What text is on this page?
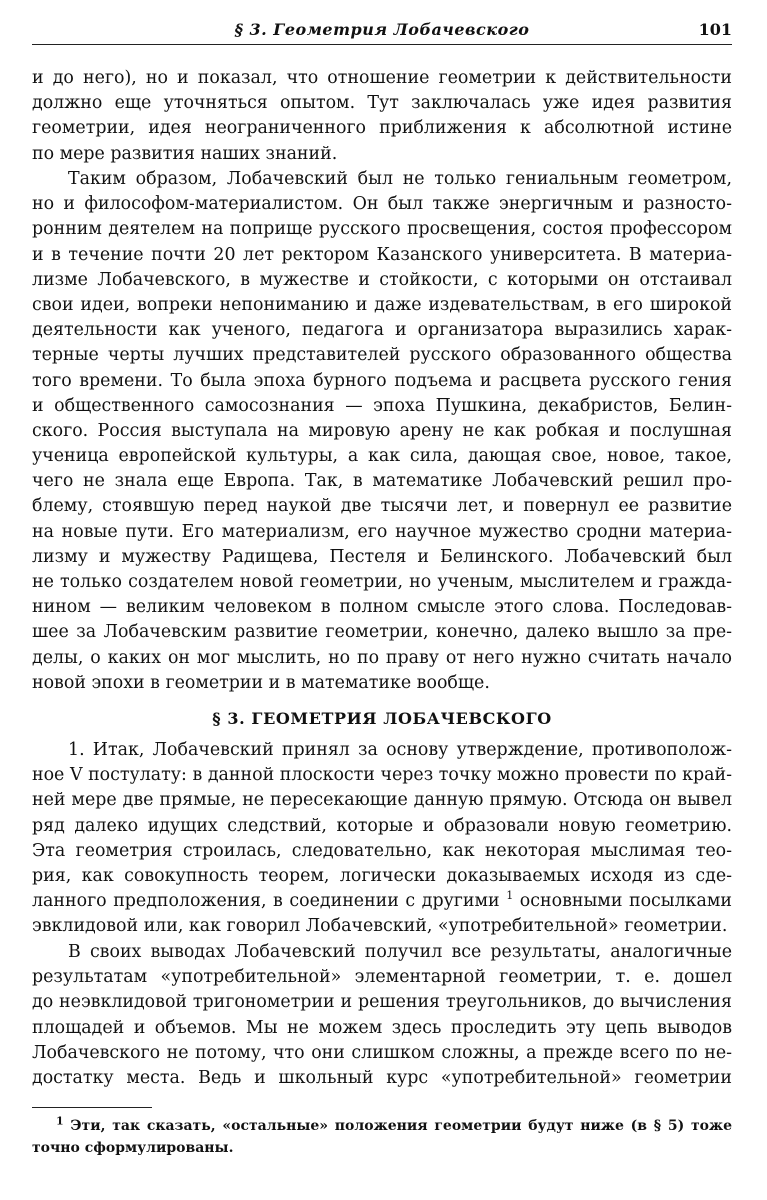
§ 3. Геометрия Лобачевского	101
и до него), но и показал, что отношение геометрии к действительности
должно еще уточняться опытом. Тут заключалась уже идея развития
геометрии, идея неограниченного приближения к абсолютной истине
по мере развития наших знаний.
Таким образом, Лобачевский был не только гениальным геометром,
но и философом-материалистом. Он был также энергичным и разносто-
ронним деятелем на поприще русского просвещения, состоя профессором
и в течение почти 20 лет ректором Казанского университета. В материа-
лизме Лобачевского, в мужестве и стойкости, с которыми он отстаивал
свои идеи, вопреки непониманию и даже издевательствам, в его широкой
деятельности как ученого, педагога и организатора выразились харак-
терные черты лучших представителей русского образованного общества
того времени. То была эпоха бурного подъема и расцвета русского гения
и общественного самосознания — эпоха Пушкина, декабристов, Белин-
ского. Россия выступала на мировую арену не как робкая и послушная
ученица европейской культуры, а как сила, дающая свое, новое, такое,
чего не знала еще Европа. Так, в математике Лобачевский решил про-
блему, стоявшую перед наукой две тысячи лет, и повернул ее развитие
на новые пути. Его материализм, его научное мужество сродни материа-
лизму и мужеству Радищева, Пестеля и Белинского. Лобачевский был
не только создателем новой геометрии, но ученым, мыслителем и гражда-
нином — великим человеком в полном смысле этого слова. Последовав-
шее за Лобачевским развитие геометрии, конечно, далеко вышло за пре-
делы, о каких он мог мыслить, но по праву от него нужно считать начало
новой эпохи в геометрии и в математике вообще.
§ 3. ГЕОМЕТРИЯ ЛОБАЧЕВСКОГО
1. Итак, Лобачевский принял за основу утверждение, противополож-
ное V постулату: в данной плоскости через точку можно провести по край-
ней мере две прямые, не пересекающие данную прямую. Отсюда он вывел
ряд далеко идущих следствий, которые и образовали новую геометрию.
Эта геометрия строилась, следовательно, как некоторая мыслимая тео-
рия, как совокупность теорем, логически доказываемых исходя из сде-
ланного предположения, в соединении с другими $^1$ основными посылками
эвклидовой или, как говорил Лобачевский, «употребительной» геометрии.
В своих выводах Лобачевский получил все результаты, аналогичные
результатам «употребительной» элементарной геометрии, т. е. дошел
до неэвклидовой тригонометрии и решения треугольников, до вычисления
площадей и объемов. Мы не можем здесь проследить эту цепь выводов
Лобачевского не потому, что они слишком сложны, а прежде всего по не-
достатку места. Ведь и школьный курс «употребительной» геометрии
$^1$ Эти, так сказать, «остальные» положения геометрии будут ниже (в § 5) тоже
точно сформулированы.
